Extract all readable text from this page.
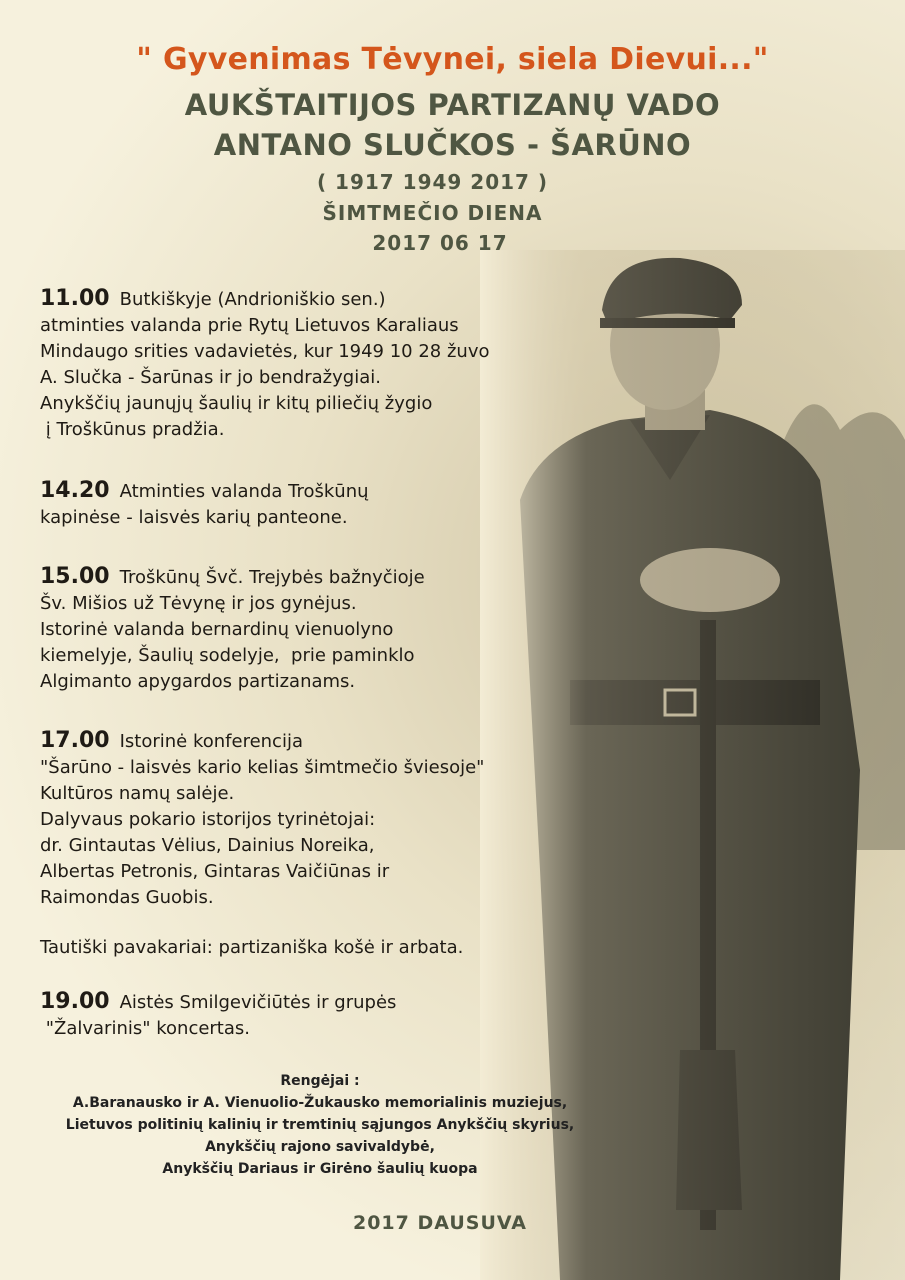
" Gyvenimas Tėvynei, siela Dievui..."
AUKŠTAITIJOS PARTIZANŲ VADO
ANTANO SLUČKOS - ŠARŪNO
( 1917 1949 2017 )
ŠIMTMEČIO DIENA
2017 06 17
11.00 Butkiškyje (Andrioniškio sen.)
atminties valanda prie Rytų Lietuvos Karaliaus
Mindaugo srities vadavietės, kur 1949 10 28 žuvo
A. Slučka - Šarūnas ir jo bendražygiai.
Anykščių jaunųjų šaulių ir kitų piliečių žygio
į Troškūnus pradžia.
14.20 Atminties valanda Troškūnų
kapinėse - laisvės karių panteone.
15.00 Troškūnų Švč. Trejybės bažnyčioje
Šv. Mišios už Tėvynę ir jos gynėjus.
Istorinė valanda bernardinų vienuolyno
kiemelyje, Šaulių sodelyje,  prie paminklo
Algimanto apygardos partizanams.
17.00 Istorinė konferencija
"Šarūno - laisvės kario kelias šimtmečio šviesoje"
Kultūros namų salėje.
Dalyvaus pokario istorijos tyrinėtojai:
dr. Gintautas Vėlius, Dainius Noreika,
Albertas Petronis, Gintaras Vaičiūnas ir
Raimondas Guobis.
Tautiški pavakariai: partizaniška košė ir arbata.
19.00 Aistės Smilgevičiūtės ir grupės
"Žalvarinis" koncertas.
Rengėjai :
A.Baranausko ir A. Vienuolio-Žukausko memorialinis muziejus,
Lietuvos politinių kalinių ir tremtinių sąjungos Anykščių skyrius,
Anykščių rajono savivaldybė,
Anykščių Dariaus ir Girėno šaulių kuopa
2017 DAUSUVA
